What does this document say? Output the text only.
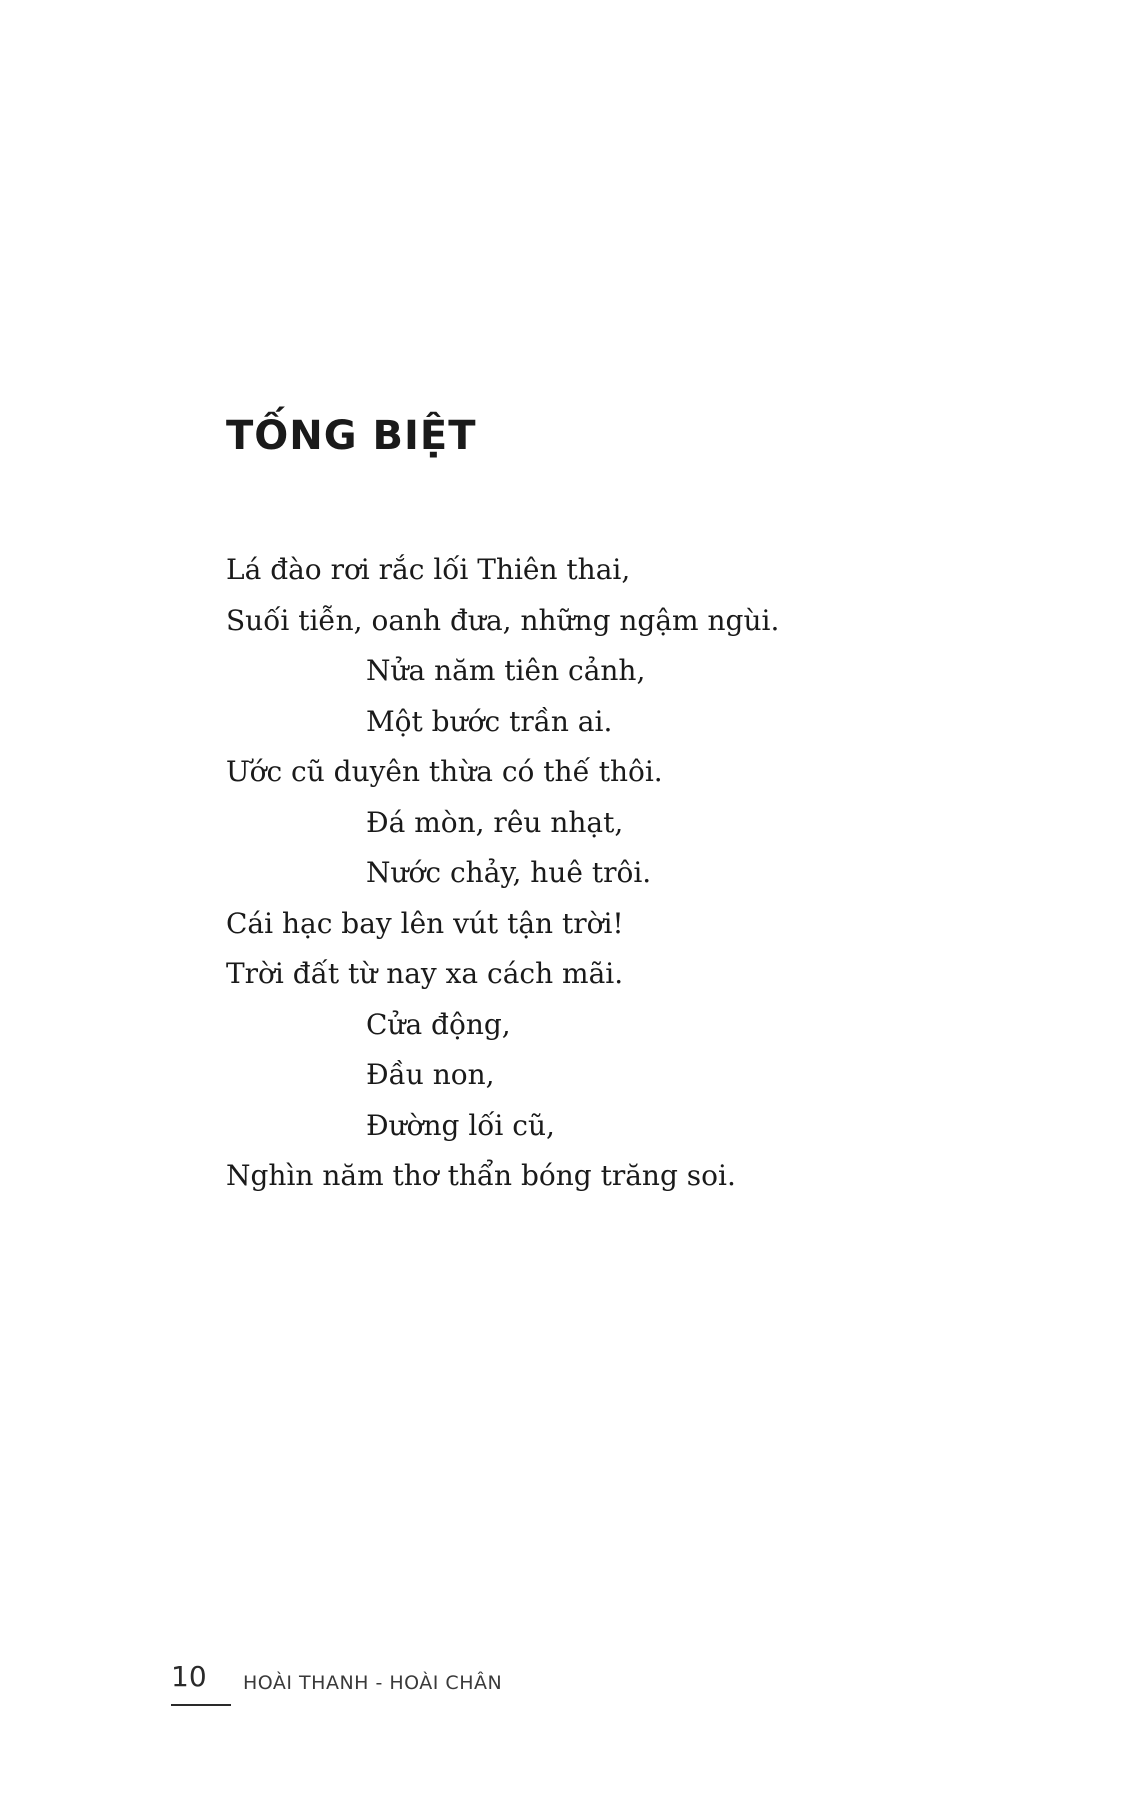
TỐNG BIỆT
Lá đào rơi rắc lối Thiên thai,
Suối tiễn, oanh đưa, những ngậm ngùi.
Nửa năm tiên cảnh,
Một bước trần ai.
Ước cũ duyên thừa có thế thôi.
Đá mòn, rêu nhạt,
Nước chảy, huê trôi.
Cái hạc bay lên vút tận trời!
Trời đất từ nay xa cách mãi.
Cửa động,
Đầu non,
Đường lối cũ,
Nghìn năm thơ thẩn bóng trăng soi.
10 HOÀI THANH - HOÀI CHÂN
